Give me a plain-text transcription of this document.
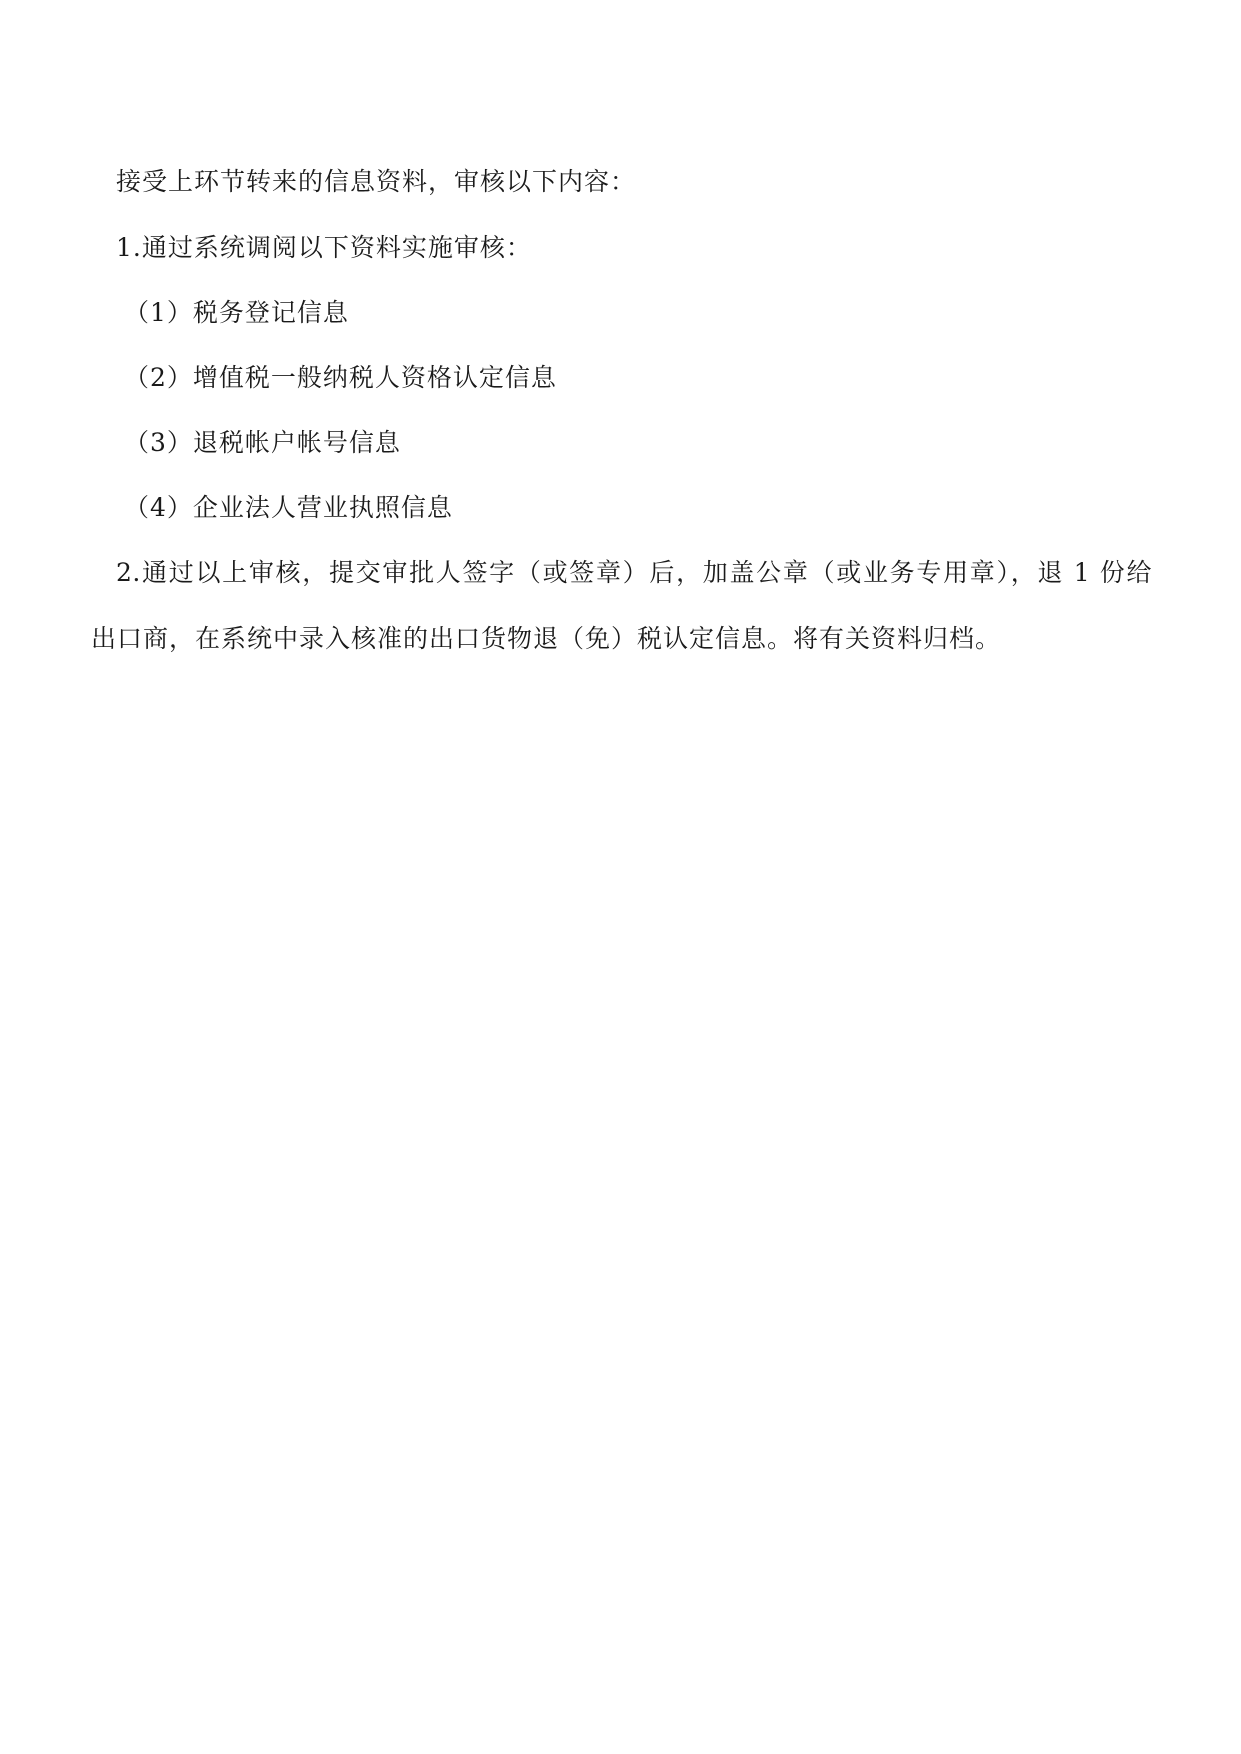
接受上环节转来的信息资料，审核以下内容：
1.通过系统调阅以下资料实施审核：
（1）税务登记信息
（2）增值税一般纳税人资格认定信息
（3）退税帐户帐号信息
（4）企业法人营业执照信息
2.通过以上审核，提交审批人签字（或签章）后，加盖公章（或业务专用章），退 1 份给
出口商，在系统中录入核准的出口货物退（免）税认定信息。将有关资料归档。
